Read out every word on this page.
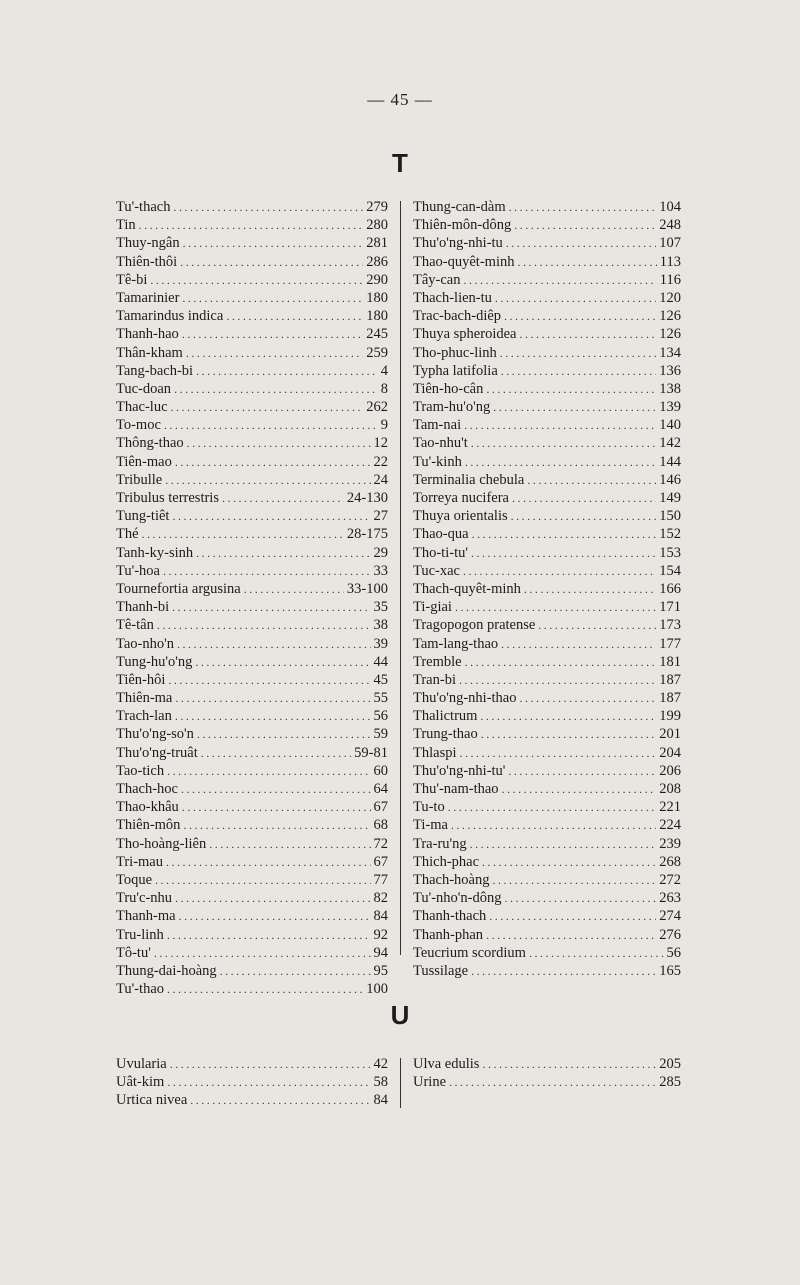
— 45 —
T
Tu'-thach .....	279
Tin .....	280
Thuy-ngân .....	281
Thiên-thôi .....	286
Tê-bi .....	290
Tamarinier .....	180
Tamarindus indica .....	180
Thanh-hao .....	245
Thân-kham .....	259
Tang-bach-bi .....	4
Tuc-doan .....	8
Thac-luc .....	262
To-moc .....	9
Thông-thao .....	12
Tiên-mao .....	22
Tribulle .....	24
Tribulus terrestris .....	24-130
Tung-tiêt .....	27
Thé .....	28-175
Tanh-ky-sinh .....	29
Tu'-hoa .....	33
Tournefortia argusina .....	33-100
Thanh-bi .....	35
Tê-tân .....	38
Tao-nho'n .....	39
Tung-hu'o'ng .....	44
Tiên-hôi .....	45
Thiên-ma .....	55
Trach-lan .....	56
Thu'o'ng-so'n .....	59
Thu'o'ng-truât .....	59-81
Tao-tich .....	60
Thach-hoc .....	64
Thao-khâu .....	67
Thiên-môn .....	68
Tho-hoàng-liên .....	72
Tri-mau .....	67
Toque .....	77
Tru'c-nhu .....	82
Thanh-ma .....	84
Tru-linh .....	92
Tô-tu' .....	94
Thung-dai-hoàng .....	95
Tu'-thao .....	100
Thung-can-dàm .....	104
Thiên-môn-dông .....	248
Thu'o'ng-nhi-tu .....	107
Thao-quyêt-minh .....	113
Tây-can .....	116
Thach-lien-tu .....	120
Trac-bach-diêp .....	126
Thuya spheroidea .....	126
Tho-phuc-linh .....	134
Typha latifolia .....	136
Tiên-ho-cân .....	138
Tram-hu'o'ng .....	139
Tam-nai .....	140
Tao-nhu't .....	142
Tu'-kinh .....	144
Terminalia chebula .....	146
Torreya nucifera .....	149
Thuya orientalis .....	150
Thao-qua .....	152
Tho-ti-tu' .....	153
Tuc-xac .....	154
Thach-quyêt-minh .....	166
Ti-giai .....	171
Tragopogon pratense .....	173
Tam-lang-thao .....	177
Tremble .....	181
Tran-bi .....	187
Thu'o'ng-nhi-thao .....	187
Thalictrum .....	199
Trung-thao .....	201
Thlaspi .....	204
Thu'o'ng-nhi-tu' .....	206
Thu'-nam-thao .....	208
Tu-to .....	221
Ti-ma .....	224
Tra-ru'ng .....	239
Thich-phac .....	268
Thach-hoàng .....	272
Tu'-nho'n-dông .....	263
Thanh-thach .....	274
Thanh-phan .....	276
Teucrium scordium .....	56
Tussilage .....	165
U
Uvularia .....	42
Uât-kim .....	58
Urtica nivea .....	84
Ulva edulis .....	205
Urine .....	285
